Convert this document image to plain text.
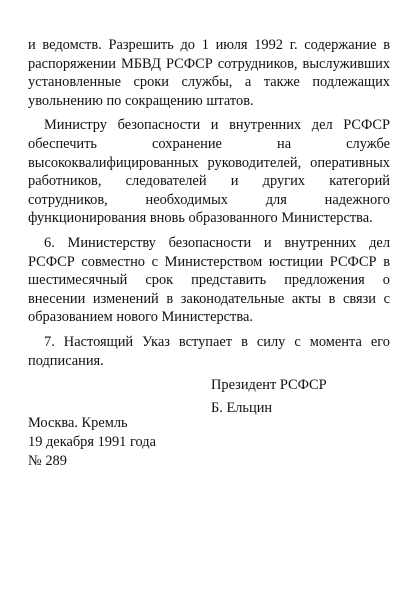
и ведомств. Разрешить до 1 июля 1992 г. содержание в распоряжении МБВД РСФСР сотрудников, выслуживших установленные сроки службы, а также подлежащих увольнению по сокращению штатов.

Министру безопасности и внутренних дел РСФСР обеспечить сохранение на службе высококвалифицированных руководителей, оперативных работников, следователей и других категорий сотрудников, необходимых для надежного функционирования вновь образованного Министерства.

6. Министерству безопасности и внутренних дел РСФСР совместно с Министерством юстиции РСФСР в шестимесячный срок представить предложения о внесении изменений в законодательные акты в связи с образованием нового Министерства.

7. Настоящий Указ вступает в силу с момента его подписания.

Президент РСФСР
Б. Ельцин
Москва. Кремль
19 декабря 1991 года
№ 289
